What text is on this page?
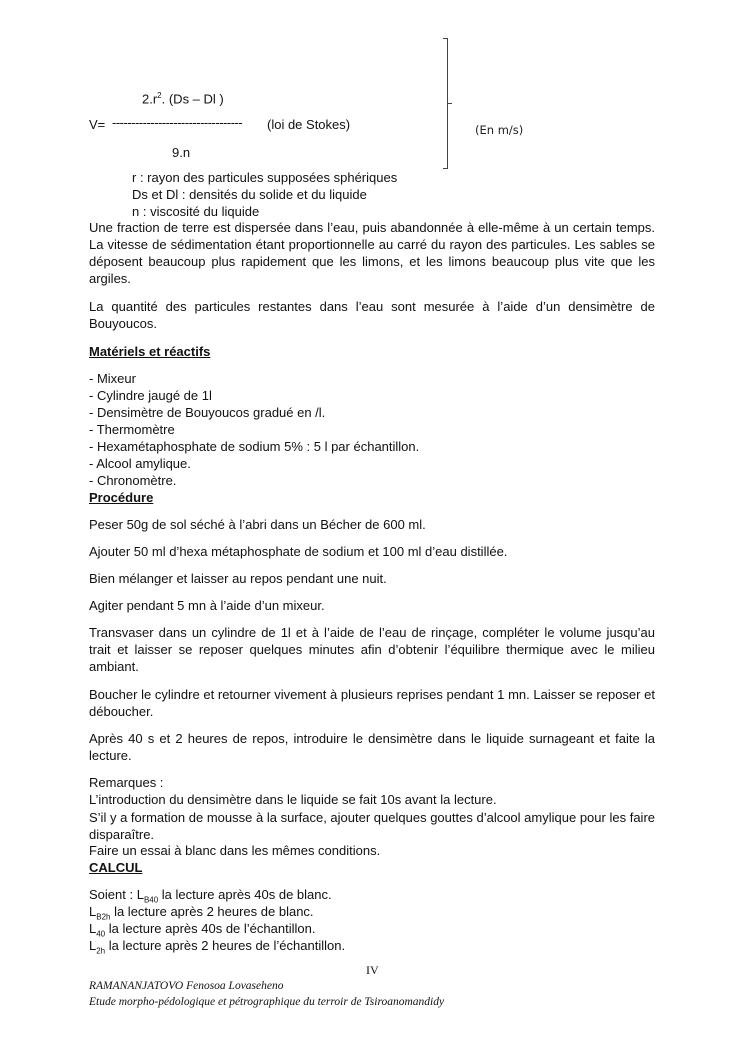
$2.r^2$. (Ds – Dl )
V= ---------------------------------- (loi de Stokes)
9.n
(En m/s)
r : rayon des particules supposées sphériques
Ds et Dl : densités du solide et du liquide
n : viscosité du liquide
Une fraction de terre est dispersée dans l’eau, puis abandonnée à elle-même à un certain temps. La vitesse de sédimentation étant proportionnelle au carré du rayon des particules. Les sables se déposent beaucoup plus rapidement que les limons, et les limons beaucoup plus vite que les argiles.
La quantité des particules restantes dans l’eau sont mesurée à l’aide d’un densimètre de Bouyoucos.
Matériels et réactifs
- Mixeur
- Cylindre jaugé de 1l
- Densimètre de Bouyoucos gradué en /l.
- Thermomètre
- Hexamétaphosphate de sodium 5% : 5 l par échantillon.
- Alcool amylique.
- Chronomètre.
Procédure
Peser 50g de sol séché à l’abri dans un Bécher de 600 ml.
Ajouter 50 ml d’hexa métaphosphate de sodium et 100 ml d’eau distillée.
Bien mélanger et laisser au repos pendant une nuit.
Agiter pendant 5 mn à l’aide d’un mixeur.
Transvaser dans un cylindre de 1l et à l’aide de l’eau de rinçage, compléter le volume jusqu’au trait et laisser se reposer quelques minutes afin d’obtenir l’équilibre thermique avec le milieu ambiant.
Boucher le cylindre et retourner vivement à plusieurs reprises pendant 1 mn. Laisser se reposer et déboucher.
Après 40 s et 2 heures de repos, introduire le densimètre dans le liquide surnageant et faite la lecture.
Remarques :
L’introduction du densimètre dans le liquide se fait 10s avant la lecture.
S’il y a formation de mousse à la surface, ajouter quelques gouttes d’alcool amylique pour les faire disparaître.
Faire un essai à blanc dans les mêmes conditions.
CALCUL
Soient : $L_{B40}$ la lecture après 40s de blanc.
$L_{B2h}$ la lecture après 2 heures de blanc.
$L_{40}$ la lecture après 40s de l’échantillon.
$L_{2h}$ la lecture après 2 heures de l’échantillon.
IV
RAMANANJATOVO Fenosoa Lovaseheno
Etude morpho-pédologique et pétrographique du terroir de Tsiroanomandidy
